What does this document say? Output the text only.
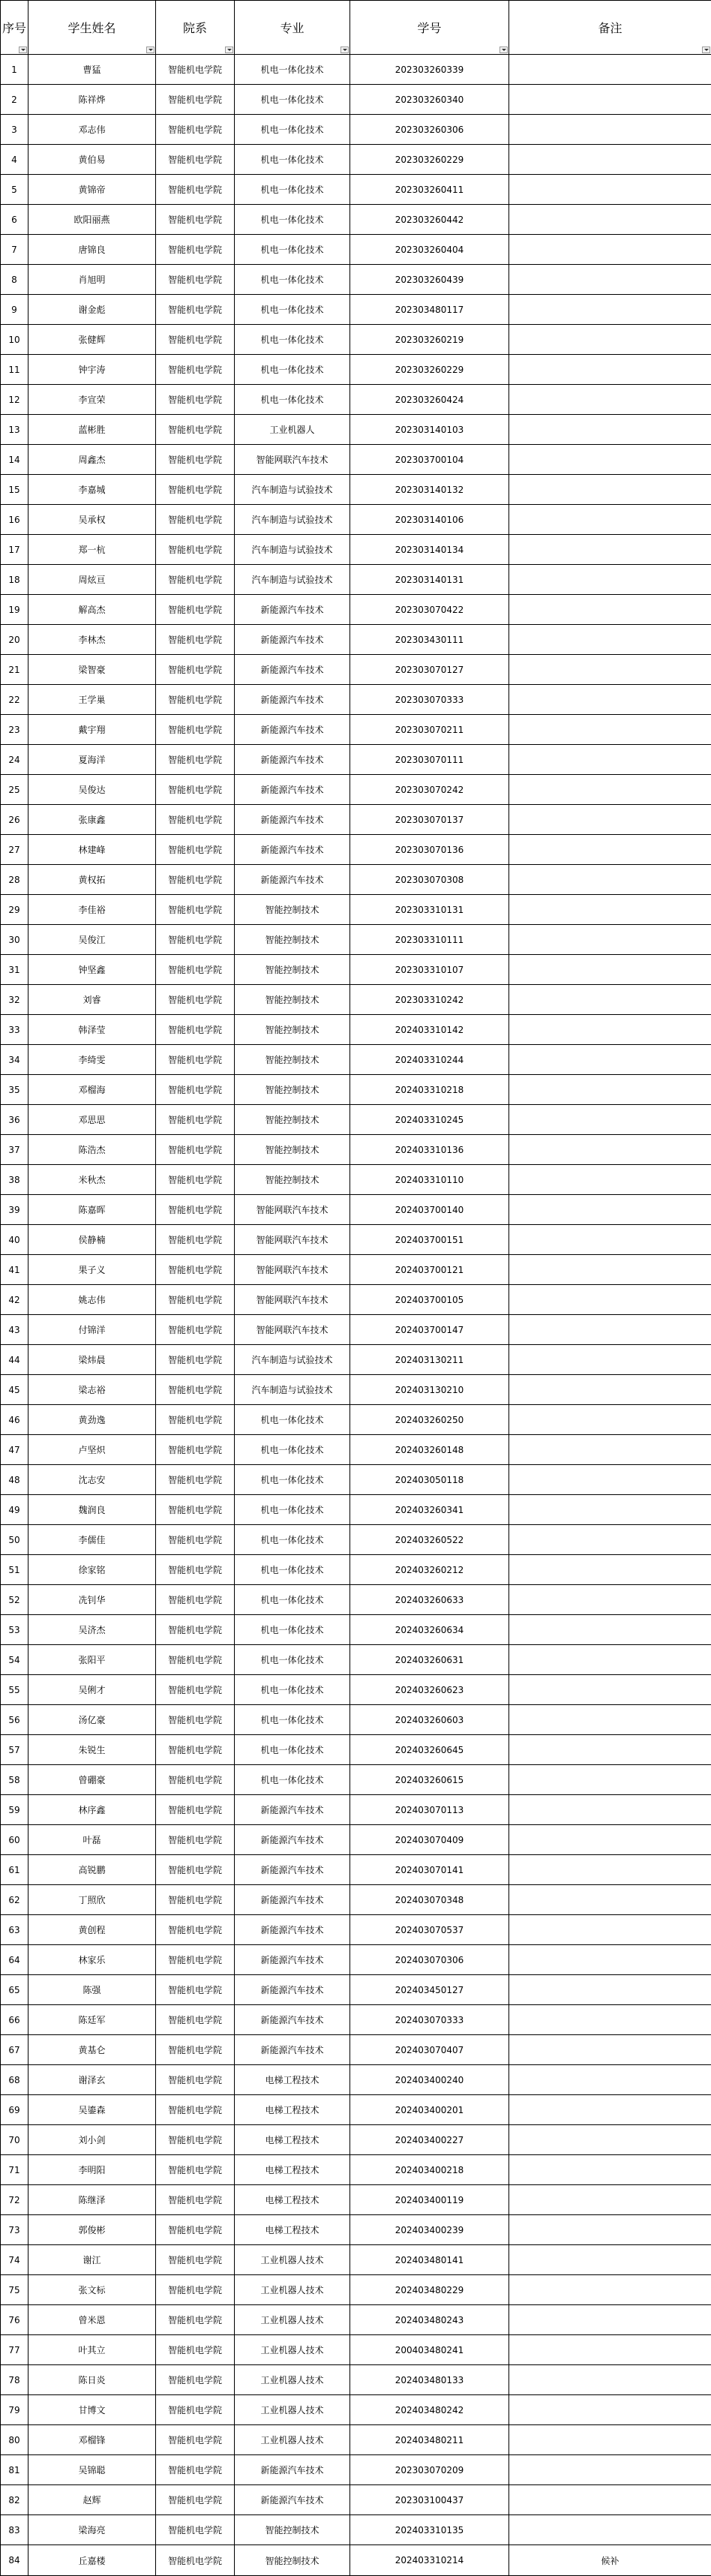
序号	学生姓名	院系	专业	学号	备注

1	曹猛	智能机电学院	机电一体化技术	202303260339	
2	陈祥烨	智能机电学院	机电一体化技术	202303260340	
3	邓志伟	智能机电学院	机电一体化技术	202303260306	
4	黄伯易	智能机电学院	机电一体化技术	202303260229	
5	黄锦帝	智能机电学院	机电一体化技术	202303260411	
6	欧阳丽燕	智能机电学院	机电一体化技术	202303260442	
7	唐锦良	智能机电学院	机电一体化技术	202303260404	
8	肖旭明	智能机电学院	机电一体化技术	202303260439	
9	谢金彪	智能机电学院	机电一体化技术	202303480117	
10	张健辉	智能机电学院	机电一体化技术	202303260219	
11	钟宇涛	智能机电学院	机电一体化技术	202303260229	
12	李宣荣	智能机电学院	机电一体化技术	202303260424	
13	蓝彬胜	智能机电学院	工业机器人	202303140103	
14	周鑫杰	智能机电学院	智能网联汽车技术	202303700104	
15	李嘉城	智能机电学院	汽车制造与试验技术	202303140132	
16	吴承权	智能机电学院	汽车制造与试验技术	202303140106	
17	郑一杭	智能机电学院	汽车制造与试验技术	202303140134	
18	周炫亘	智能机电学院	汽车制造与试验技术	202303140131	
19	解高杰	智能机电学院	新能源汽车技术	202303070422	
20	李林杰	智能机电学院	新能源汽车技术	202303430111	
21	梁智豪	智能机电学院	新能源汽车技术	202303070127	
22	王学巢	智能机电学院	新能源汽车技术	202303070333	
23	戴宇翔	智能机电学院	新能源汽车技术	202303070211	
24	夏海洋	智能机电学院	新能源汽车技术	202303070111	
25	吴俊达	智能机电学院	新能源汽车技术	202303070242	
26	张康鑫	智能机电学院	新能源汽车技术	202303070137	
27	林建峰	智能机电学院	新能源汽车技术	202303070136	
28	黄权拓	智能机电学院	新能源汽车技术	202303070308	
29	李佳裕	智能机电学院	智能控制技术	202303310131	
30	吴俊江	智能机电学院	智能控制技术	202303310111	
31	钟坚鑫	智能机电学院	智能控制技术	202303310107	
32	刘睿	智能机电学院	智能控制技术	202303310242	
33	韩泽莹	智能机电学院	智能控制技术	202403310142	
34	李绮雯	智能机电学院	智能控制技术	202403310244	
35	邓榴海	智能机电学院	智能控制技术	202403310218	
36	邓思思	智能机电学院	智能控制技术	202403310245	
37	陈浩杰	智能机电学院	智能控制技术	202403310136	
38	米秋杰	智能机电学院	智能控制技术	202403310110	
39	陈嘉晖	智能机电学院	智能网联汽车技术	202403700140	
40	侯静楠	智能机电学院	智能网联汽车技术	202403700151	
41	果子义	智能机电学院	智能网联汽车技术	202403700121	
42	姚志伟	智能机电学院	智能网联汽车技术	202403700105	
43	付锦洋	智能机电学院	智能网联汽车技术	202403700147	
44	梁炜晨	智能机电学院	汽车制造与试验技术	202403130211	
45	梁志裕	智能机电学院	汽车制造与试验技术	202403130210	
46	黄劲逸	智能机电学院	机电一体化技术	202403260250	
47	卢坚炽	智能机电学院	机电一体化技术	202403260148	
48	沈志安	智能机电学院	机电一体化技术	202403050118	
49	魏润良	智能机电学院	机电一体化技术	202403260341	
50	李儒佳	智能机电学院	机电一体化技术	202403260522	
51	徐家铭	智能机电学院	机电一体化技术	202403260212	
52	冼钊华	智能机电学院	机电一体化技术	202403260633	
53	吴济杰	智能机电学院	机电一体化技术	202403260634	
54	张阳平	智能机电学院	机电一体化技术	202403260631	
55	吴俐才	智能机电学院	机电一体化技术	202403260623	
56	汤亿豪	智能机电学院	机电一体化技术	202403260603	
57	朱锐生	智能机电学院	机电一体化技术	202403260645	
58	曾硼豪	智能机电学院	机电一体化技术	202403260615	
59	林序鑫	智能机电学院	新能源汽车技术	202403070113	
60	叶磊	智能机电学院	新能源汽车技术	202403070409	
61	高锐鹏	智能机电学院	新能源汽车技术	202403070141	
62	丁照欣	智能机电学院	新能源汽车技术	202403070348	
63	黄创程	智能机电学院	新能源汽车技术	202403070537	
64	林家乐	智能机电学院	新能源汽车技术	202403070306	
65	陈强	智能机电学院	新能源汽车技术	202403450127	
66	陈廷军	智能机电学院	新能源汽车技术	202403070333	
67	黄基仑	智能机电学院	新能源汽车技术	202403070407	
68	谢泽玄	智能机电学院	电梯工程技术	202403400240	
69	吴鎏森	智能机电学院	电梯工程技术	202403400201	
70	刘小剑	智能机电学院	电梯工程技术	202403400227	
71	李明阳	智能机电学院	电梯工程技术	202403400218	
72	陈继泽	智能机电学院	电梯工程技术	202403400119	
73	郭俊彬	智能机电学院	电梯工程技术	202403400239	
74	谢江	智能机电学院	工业机器人技术	202403480141	
75	张文标	智能机电学院	工业机器人技术	202403480229	
76	曾米恩	智能机电学院	工业机器人技术	202403480243	
77	叶其立	智能机电学院	工业机器人技术	200403480241	
78	陈日炎	智能机电学院	工业机器人技术	202403480133	
79	甘博文	智能机电学院	工业机器人技术	202403480242	
80	邓榴锋	智能机电学院	工业机器人技术	202403480211	
81	吴锦聪	智能机电学院	新能源汽车技术	202303070209	
82	赵辉	智能机电学院	新能源汽车技术	202303100437	
83	梁海亮	智能机电学院	智能控制技术	202403310135	
84	丘嘉楼	智能机电学院	智能控制技术	202403310214	候补
